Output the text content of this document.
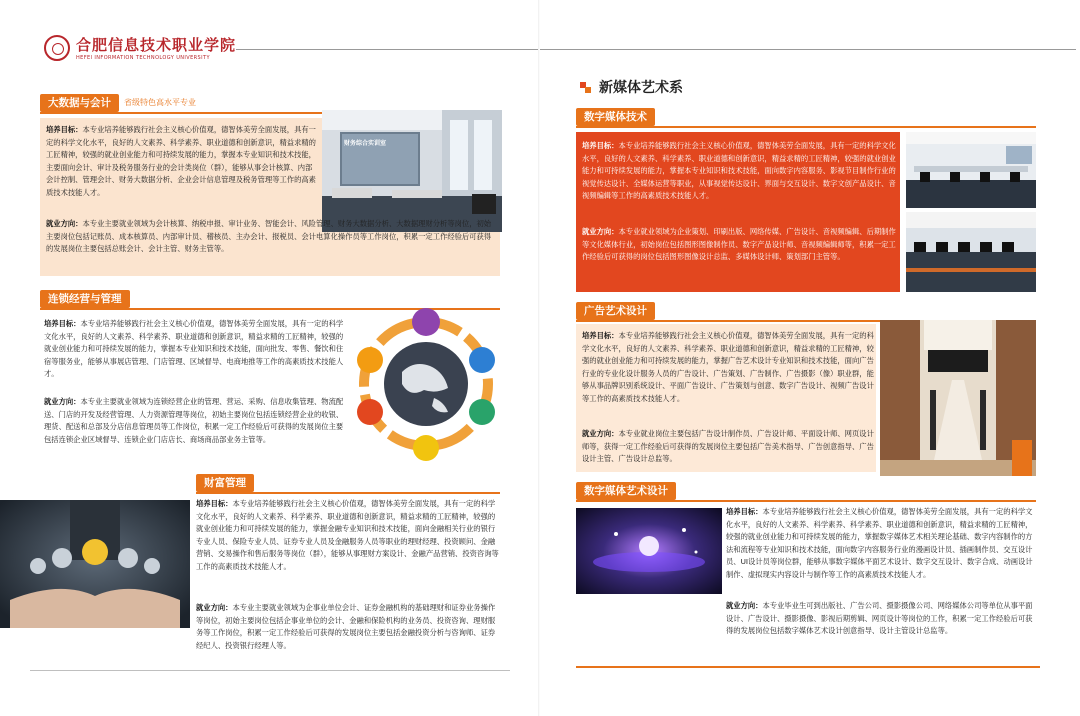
合肥信息技术职业学院
HEFEI INFORMATION TECHNOLOGY UNIVERSITY
大数据与会计	省级特色高水平专业
财务综合实训室

培养目标：本专业培养能够践行社会主义核心价值观，德智体美劳全面发展，具有一定的科学文化水平，良好的人文素养、科学素养、职业道德和创新意识，精益求精的工匠精神，较强的就业创业能力和可持续发展的能力，掌握本专业知识和技术技能，主要面向会计、审计及税务服务行业的会计类岗位（群），能够从事会计核算、内部会计控制、管理会计、财务大数据分析、企业会计信息管理及税务管理等工作的高素质技术技能人才。

就业方向：本专业主要就业领域为会计核算、纳税申报、审计业务、智能会计、风险管理、财务大数据分析、大数据理财分析等岗位，初始主要岗位包括记账员、成本核算员、内部审计员、稽核员、主办会计、报税员、会计电算化操作员等工作岗位，积累一定工作经验后可获得的发展岗位主要包括总账会计、会计主管、财务主管等。

连锁经营与管理

培养目标：本专业培养能够践行社会主义核心价值观，德智体美劳全面发展，具有一定的科学文化水平，良好的人文素养、科学素养、职业道德和创新意识，精益求精的工匠精神，较强的就业创业能力和可持续发展的能力，掌握本专业知识和技术技能，面向批发、零售、餐饮和住宿等服务业，能够从事展店管理、门店管理、区域督导、电商地推等工作的高素质技术技能人才。

就业方向：本专业主要就业领域为连锁经营企业的管理、营运、采购、信息收集管理、物流配送、门店的开发及经营管理、人力资源管理等岗位，初始主要岗位包括连锁经营企业的收银、理货、配送和总部及分店信息管理员等工作岗位，积累一定工作经验后可获得的发展岗位主要包括连锁企业区域督导、连锁企业门店店长、商场商品部业务主管等。

财富管理

培养目标：本专业培养能够践行社会主义核心价值观，德智体美劳全面发展，具有一定的科学文化水平，良好的人文素养、科学素养、职业道德和创新意识，精益求精的工匠精神，较强的就业创业能力和可持续发展的能力，掌握金融专业知识和技术技能，面向金融相关行业的银行专业人员、保险专业人员、证券专业人员及金融服务人员等职业的理财经理、投资顾问、金融营销、交易操作和售后服务等岗位（群），能够从事理财方案设计、金融产品营销、投资咨询等工作的高素质技术技能人才。

就业方向：本专业主要就业领域为企事业单位会计、证券金融机构的基础理财和证券业务操作等岗位，初始主要岗位包括企事业单位的会计、金融和保险机构的业务员、投资咨询、理财服务等工作岗位，积累一定工作经验后可获得的发展岗位主要包括金融投资分析与咨询师、证券经纪人、投资银行经理人等。

新媒体艺术系
数字媒体技术

培养目标：本专业培养能够践行社会主义核心价值观，德智体美劳全面发展，具有一定的科学文化水平，良好的人文素养、科学素养、职业道德和创新意识，精益求精的工匠精神，较强的就业创业能力和可持续发展的能力，掌握本专业知识和技术技能，面向数字内容服务、影视节目制作行业的视觉传达设计、全媒体运营等职业，从事视觉传达设计、界面与交互设计、数字文创产品设计、音视频编辑等工作的高素质技术技能人才。

就业方向：本专业就业领域为企业策划、印刷出版、网络传媒、广告设计、音视频编辑、后期制作等文化媒体行业，初始岗位包括图形图像制作员、数字产品设计师、音视频编辑师等，积累一定工作经验后可获得的岗位包括图形图像设计总监、多媒体设计师、策划部门主管等。

广告艺术设计

培养目标：本专业培养能够践行社会主义核心价值观，德智体美劳全面发展，具有一定的科学文化水平，良好的人文素养、科学素养、职业道德和创新意识，精益求精的工匠精神，较强的就业创业能力和可持续发展的能力，掌握广告艺术设计专业知识和技术技能，面向广告行业的专业化设计服务人员的广告设计、广告策划、广告制作、广告摄影（像）职业群，能够从事品牌识别系统设计、平面广告设计、广告策划与创意、数字广告设计、视频广告设计等工作的高素质技术技能人才。

就业方向：本专业就业岗位主要包括广告设计制作员、广告设计师、平面设计师、网页设计师等，获得一定工作经验后可获得的发展岗位主要包括广告美术指导、广告创意指导、广告设计主管、广告设计总监等。

数字媒体艺术设计

培养目标：本专业培养能够践行社会主义核心价值观，德智体美劳全面发展，具有一定的科学文化水平，良好的人文素养、科学素养、科学素养、职业道德和创新意识，精益求精的工匠精神，较强的就业创业能力和可持续发展的能力，掌握数字媒体艺术相关理论基础、数字内容制作的方法和流程等专业知识和技术技能，面向数字内容服务行业的漫画设计员、插画制作员、交互设计员、UI设计员等岗位群，能够从事数字媒体平面艺术设计、数字交互设计、数字合成、动画设计制作、虚拟现实内容设计与制作等工作的高素质技术技能人才。

就业方向：本专业毕业生可到出版社、广告公司、摄影摄像公司、网络媒体公司等单位从事平面设计、广告设计、摄影摄像、影视后期剪辑、网页设计等岗位的工作，积累一定工作经验后可获得的发展岗位包括数字媒体艺术设计创意指导、设计主管设计总监等。
